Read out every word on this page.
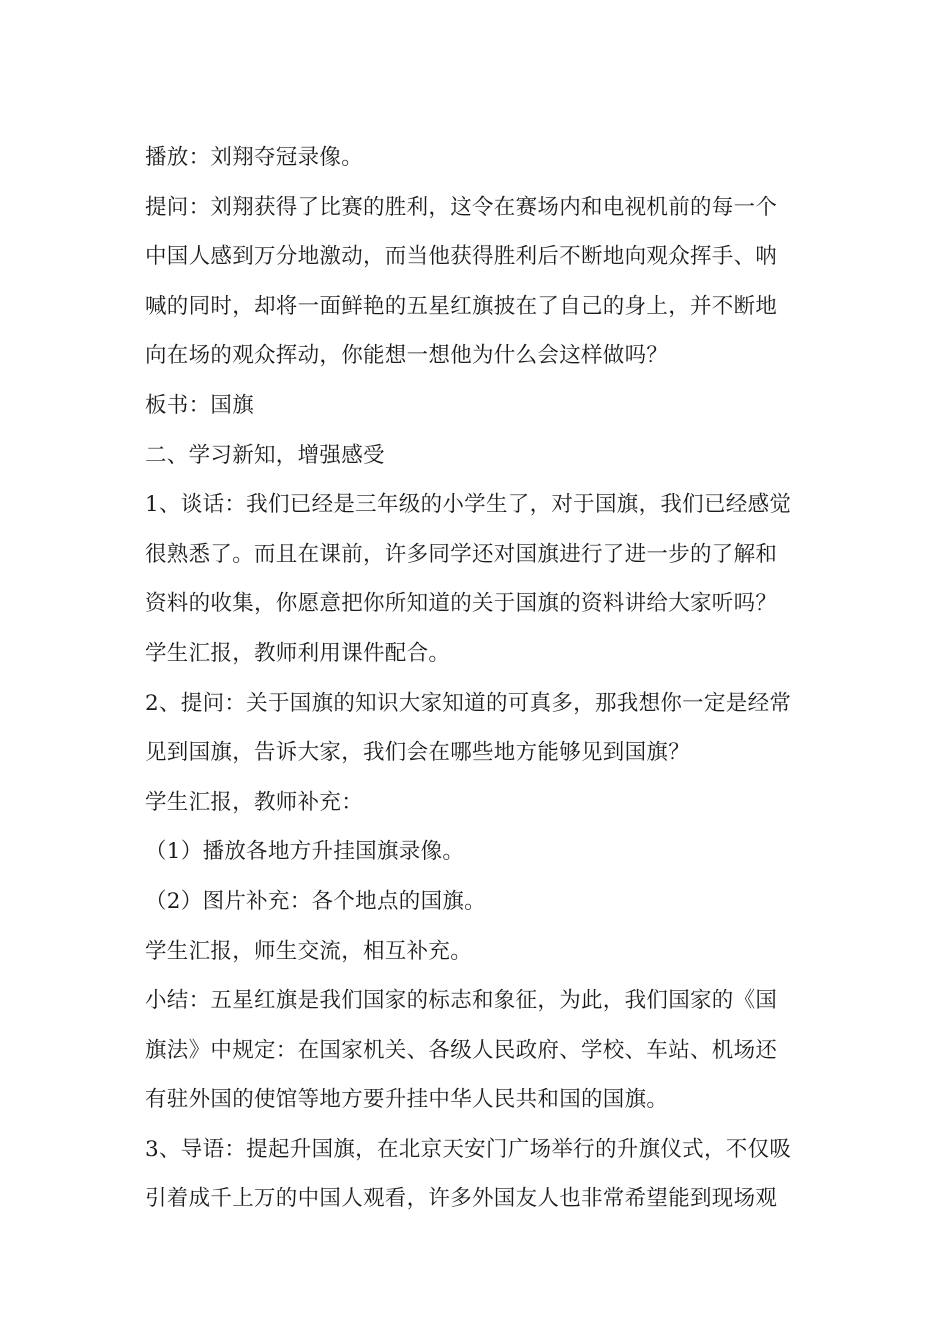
播放：刘翔夺冠录像。
提问：刘翔获得了比赛的胜利，这令在赛场内和电视机前的每一个
中国人感到万分地激动，而当他获得胜利后不断地向观众挥手、呐
喊的同时，却将一面鲜艳的五星红旗披在了自己的身上，并不断地
向在场的观众挥动，你能想一想他为什么会这样做吗？
板书：国旗
二、学习新知，增强感受
1、谈话：我们已经是三年级的小学生了，对于国旗，我们已经感觉
很熟悉了。而且在课前，许多同学还对国旗进行了进一步的了解和
资料的收集，你愿意把你所知道的关于国旗的资料讲给大家听吗？
学生汇报，教师利用课件配合。
2、提问：关于国旗的知识大家知道的可真多，那我想你一定是经常
见到国旗，告诉大家，我们会在哪些地方能够见到国旗？
学生汇报，教师补充：
（1）播放各地方升挂国旗录像。
（2）图片补充：各个地点的国旗。
学生汇报，师生交流，相互补充。
小结：五星红旗是我们国家的标志和象征，为此，我们国家的《国
旗法》中规定：在国家机关、各级人民政府、学校、车站、机场还
有驻外国的使馆等地方要升挂中华人民共和国的国旗。
3、导语：提起升国旗，在北京天安门广场举行的升旗仪式，不仅吸
引着成千上万的中国人观看，许多外国友人也非常希望能到现场观
